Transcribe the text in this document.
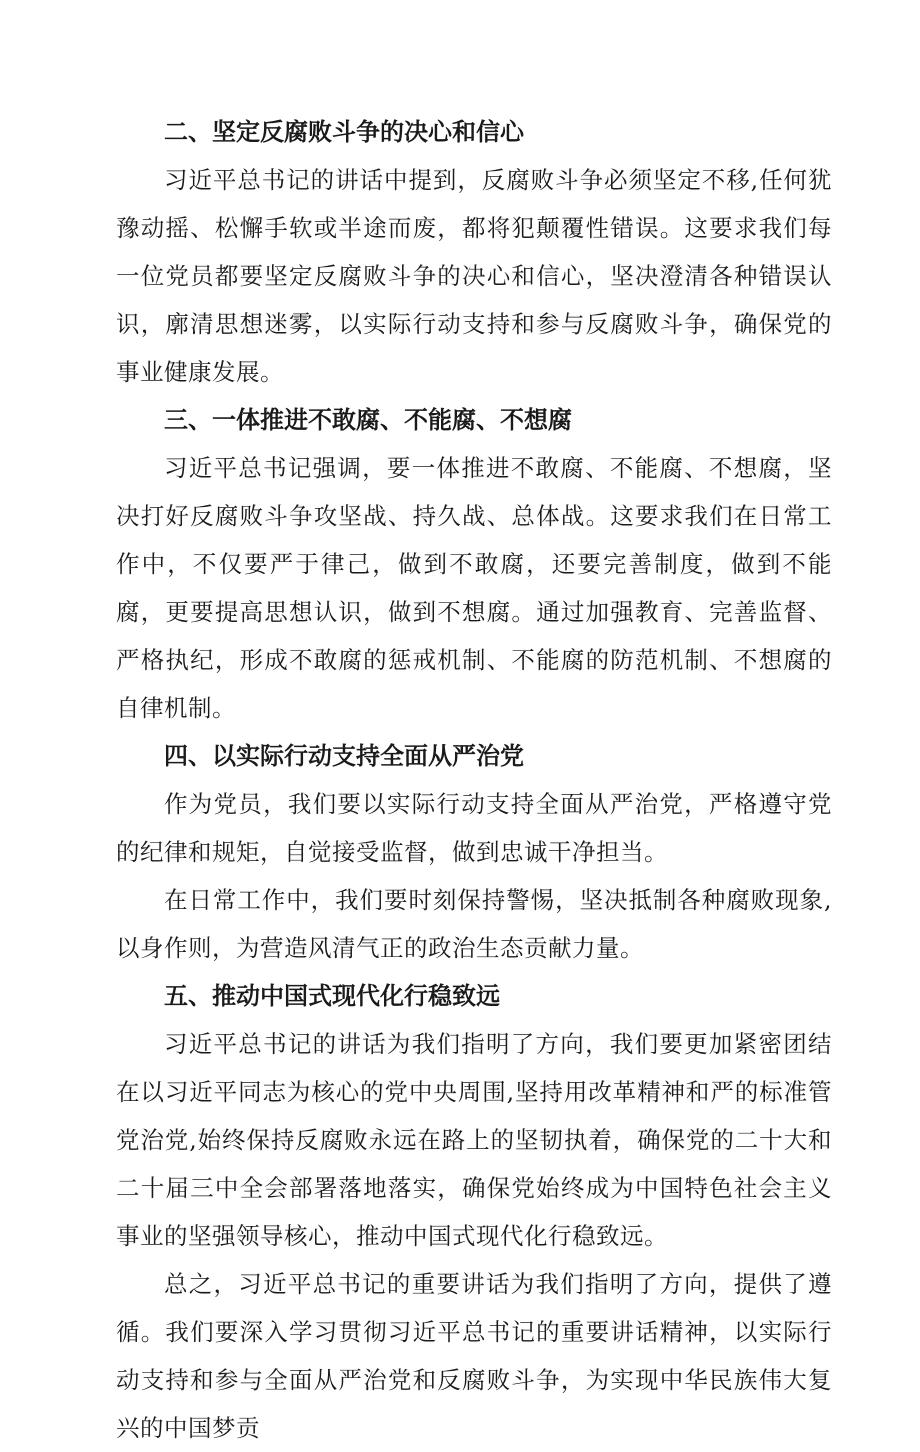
二、坚定反腐败斗争的决心和信心

习近平总书记的讲话中提到，反腐败斗争必须坚定不移,任何犹豫动摇、松懈手软或半途而废，都将犯颠覆性错误。这要求我们每一位党员都要坚定反腐败斗争的决心和信心，坚决澄清各种错误认识，廓清思想迷雾，以实际行动支持和参与反腐败斗争，确保党的事业健康发展。

三、一体推进不敢腐、不能腐、不想腐

习近平总书记强调，要一体推进不敢腐、不能腐、不想腐，坚决打好反腐败斗争攻坚战、持久战、总体战。这要求我们在日常工作中，不仅要严于律己，做到不敢腐，还要完善制度，做到不能腐，更要提高思想认识，做到不想腐。通过加强教育、完善监督、严格执纪，形成不敢腐的惩戒机制、不能腐的防范机制、不想腐的自律机制。

四、以实际行动支持全面从严治党

作为党员，我们要以实际行动支持全面从严治党，严格遵守党的纪律和规矩，自觉接受监督，做到忠诚干净担当。

在日常工作中，我们要时刻保持警惕，坚决抵制各种腐败现象,以身作则，为营造风清气正的政治生态贡献力量。

五、推动中国式现代化行稳致远

习近平总书记的讲话为我们指明了方向，我们要更加紧密团结在以习近平同志为核心的党中央周围,坚持用改革精神和严的标准管党治党,始终保持反腐败永远在路上的坚韧执着，确保党的二十大和二十届三中全会部署落地落实，确保党始终成为中国特色社会主义事业的坚强领导核心，推动中国式现代化行稳致远。

总之，习近平总书记的重要讲话为我们指明了方向，提供了遵循。我们要深入学习贯彻习近平总书记的重要讲话精神，以实际行动支持和参与全面从严治党和反腐败斗争，为实现中华民族伟大复兴的中国梦贡
